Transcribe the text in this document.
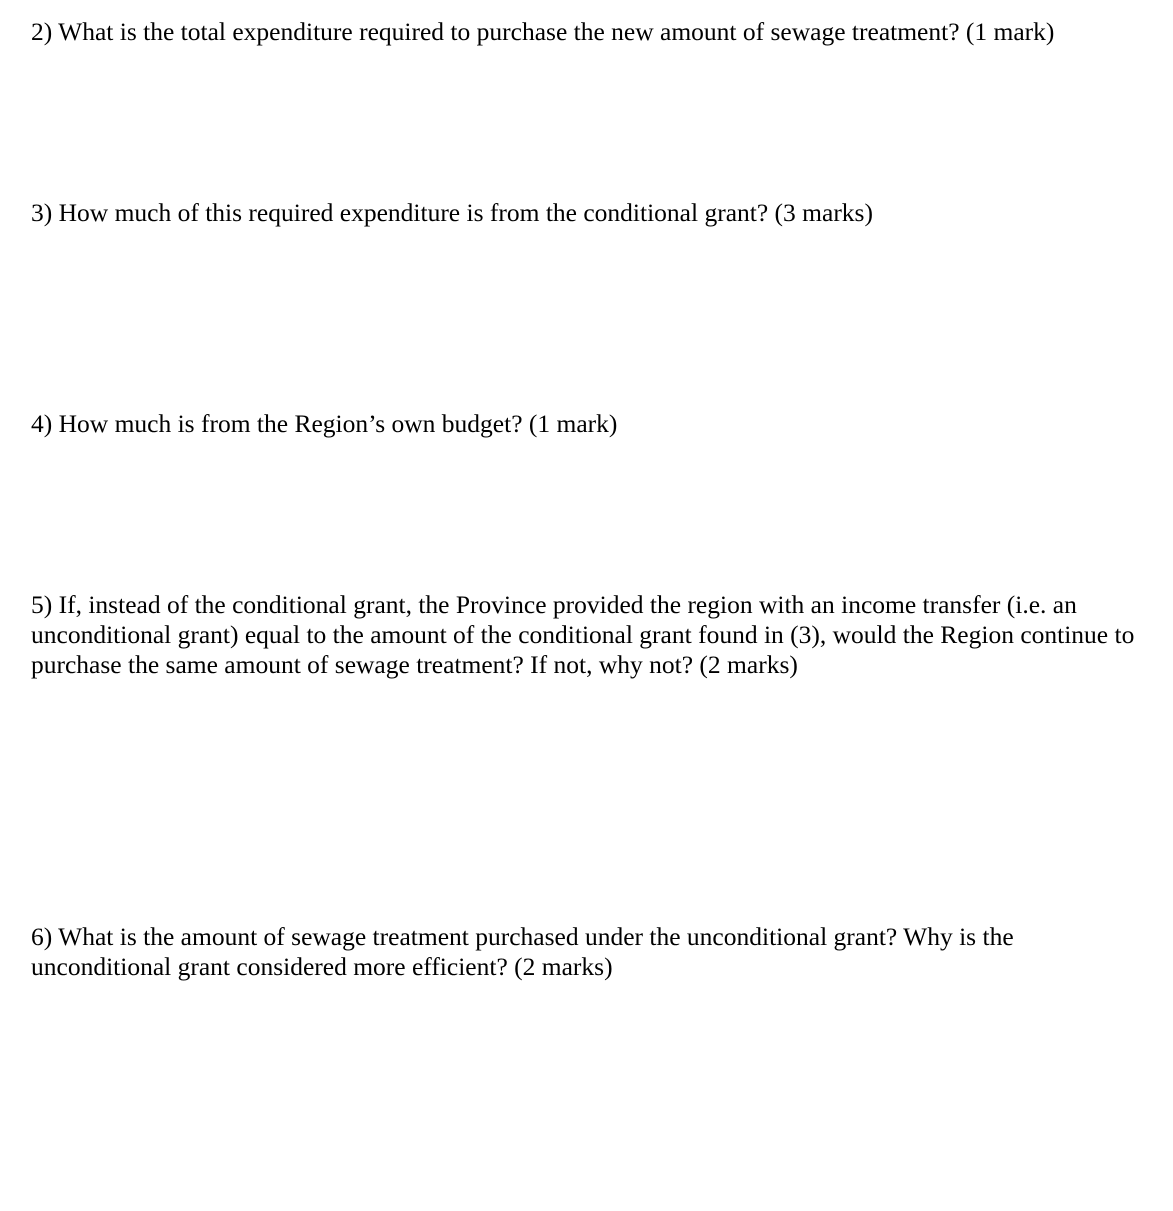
2) What is the total expenditure required to purchase the new amount of sewage treatment? (1 mark)

3) How much of this required expenditure is from the conditional grant? (3 marks)

4) How much is from the Region’s own budget? (1 mark)

5) If, instead of the conditional grant, the Province provided the region with an income transfer (i.e. an unconditional grant) equal to the amount of the conditional grant found in (3), would the Region continue to purchase the same amount of sewage treatment? If not, why not? (2 marks)

6) What is the amount of sewage treatment purchased under the unconditional grant? Why is the unconditional grant considered more efficient? (2 marks)
